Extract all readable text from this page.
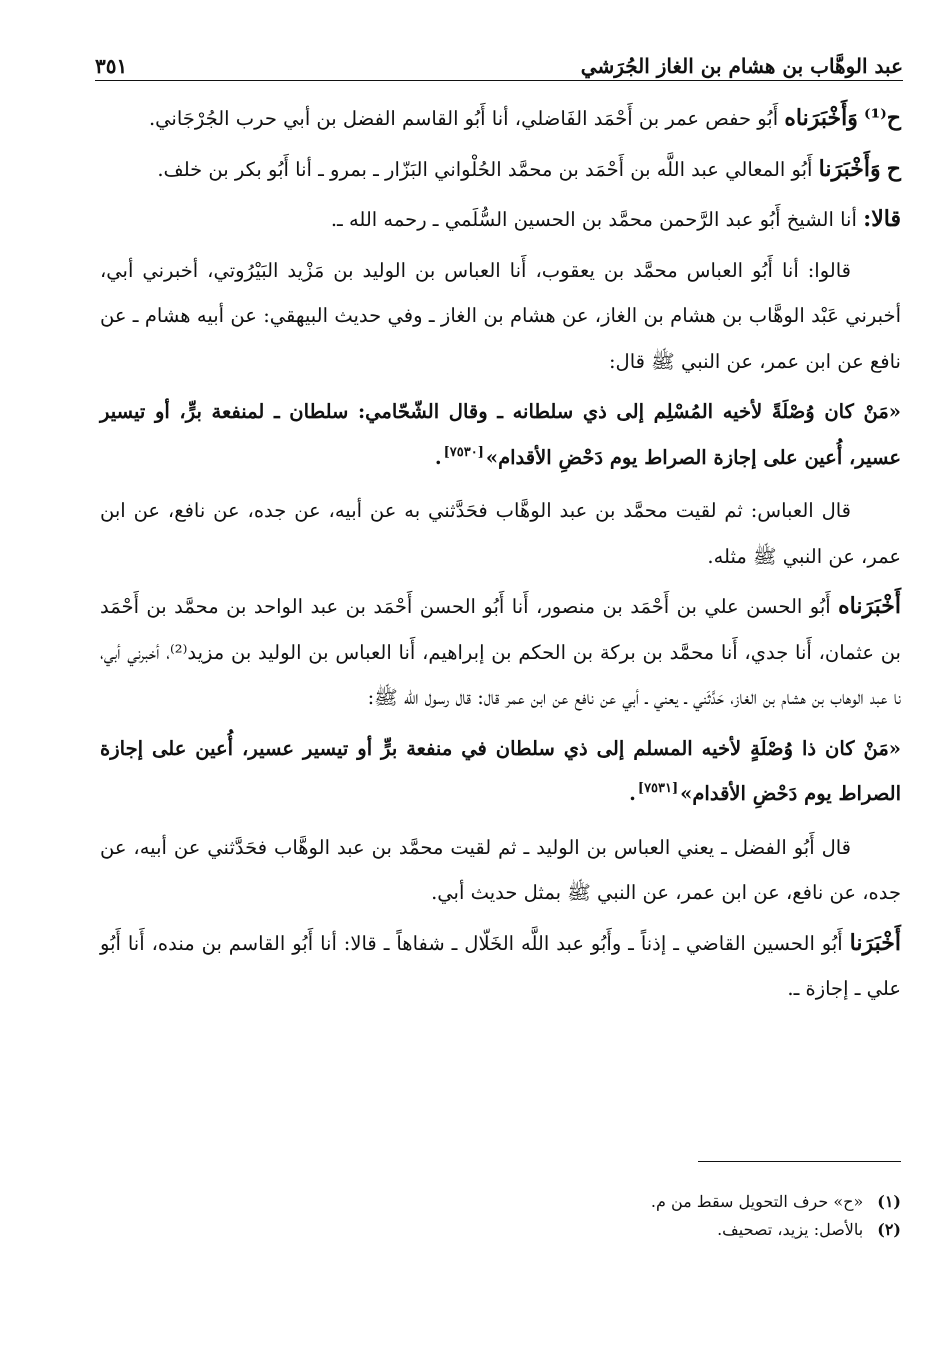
عبد الوهَّاب بن هشام بن الغاز الجُرَشي
٣٥١

ح⁽¹⁾ وَأَخْبَرَناه أَبُو حفص عمر بن أَحْمَد الفَاضلي، أنا أَبُو القاسم الفضل بن أبي حرب الجُرْجَاني.

ح وَأَخْبَرَنا أَبُو المعالي عبد اللَّه بن أَحْمَد بن محمَّد الحُلْواني البَزّار ـ بمرو ـ أنا أَبُو بكر بن خلف.

قالا: أنا الشيخ أَبُو عبد الرَّحمن محمَّد بن الحسين السُّلَمي ـ رحمه الله ـ.

قالوا: أنا أَبُو العباس محمَّد بن يعقوب، أَنا العباس بن الوليد بن مَزْيد البَيْرُوتي، أخبرني أبي، أخبرني عَبْد الوهَّاب بن هشام بن الغاز، عن هشام بن الغاز ـ وفي حديث البيهقي: عن أبيه هشام ـ عن نافع عن ابن عمر، عن النبي ﷺ قال:

«مَنْ كان وُصْلَةً لأخيه المُسْلِم إلى ذي سلطانه ـ وقال الشّحّامي: سلطان ـ لمنفعة برٍّ، أو تيسير عسير، أُعين على إجازة الصراط يوم دَحْضِ الأقدام»[٧٥٣٠].

قال العباس: ثم لقيت محمَّد بن عبد الوهَّاب فحَدَّثني به عن أبيه، عن جده، عن نافع، عن ابن عمر، عن النبي ﷺ مثله.

أَخْبَرَناه أَبُو الحسن علي بن أَحْمَد بن منصور، أَنا أَبُو الحسن أَحْمَد بن عبد الواحد بن محمَّد بن أَحْمَد بن عثمان، أَنا جدي، أَنا محمَّد بن بركة بن الحكم بن إبراهيم، أَنا العباس بن الوليد بن مزيد⁽²⁾، أخبرني أبي، نا عبد الوهاب بن هشام بن الغاز، حَدَّثَني ـ يعني ـ أبي عن نافع عن ابن عمر قال: قال رسول الله ﷺ:

«مَنْ كان ذا وُصْلَةٍ لأخيه المسلم إلى ذي سلطان في منفعة برٍّ أو تيسير عسير، أُعين على إجازة الصراط يوم دَحْضِ الأقدام»[٧٥٣١].

قال أَبُو الفضل ـ يعني العباس بن الوليد ـ ثم لقيت محمَّد بن عبد الوهَّاب فحَدَّثني عن أبيه، عن جده، عن نافع، عن ابن عمر، عن النبي ﷺ بمثل حديث أبي.

أَخْبَرَنا أَبُو الحسين القاضي ـ إذناً ـ وأَبُو عبد اللَّه الخَلّال ـ شفاهاً ـ قالا: أنا أَبُو القاسم بن منده، أَنا أَبُو علي ـ إجازة ـ.

(١)
«ح» حرف التحويل سقط من م.
(٢)
بالأصل: يزيد، تصحيف.
